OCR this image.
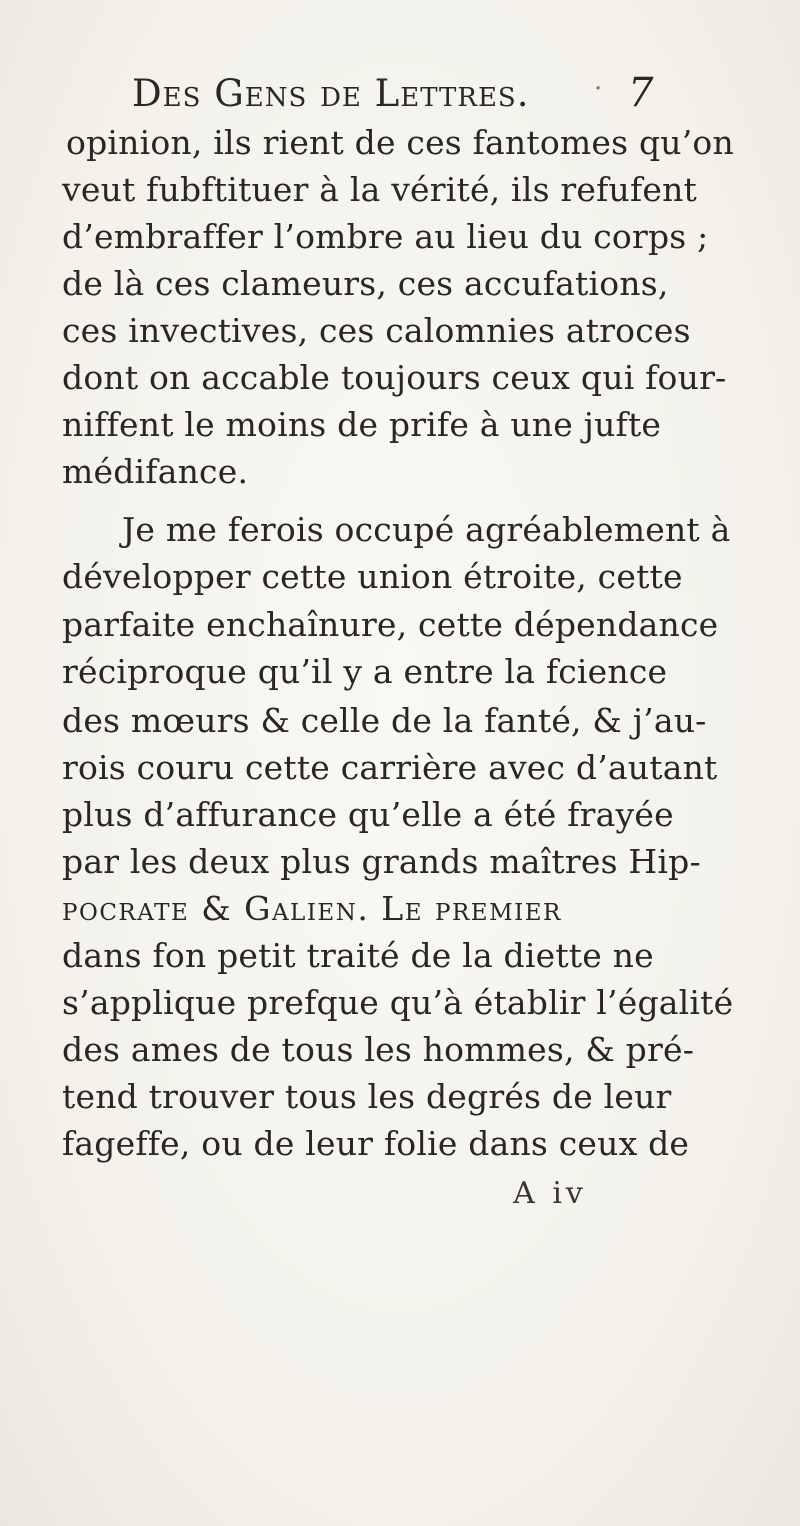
Des Gens de Lettres. · 7
opinion, ils rient de ces fantomes qu’on
veut fubftituer à la vérité, ils refufent
d’embraffer l’ombre au lieu du corps ;
de là ces clameurs, ces accufations,
ces invectives, ces calomnies atroces
dont on accable toujours ceux qui four-
niffent le moins de prife à une jufte
médifance.
Je me ferois occupé agréablement à
développer cette union étroite, cette
parfaite enchaînure, cette dépendance
réciproque qu’il y a entre la fcience
des mœurs & celle de la fanté, & j’au-
rois couru cette carrière avec d’autant
plus d’affurance qu’elle a été frayée
par les deux plus grands maîtres Hip-
pocrate & Galien. Le premier
dans fon petit traité de la diette ne
s’applique prefque qu’à établir l’égalité
des ames de tous les hommes, & pré-
tend trouver tous les degrés de leur
fageffe, ou de leur folie dans ceux de
A iv
